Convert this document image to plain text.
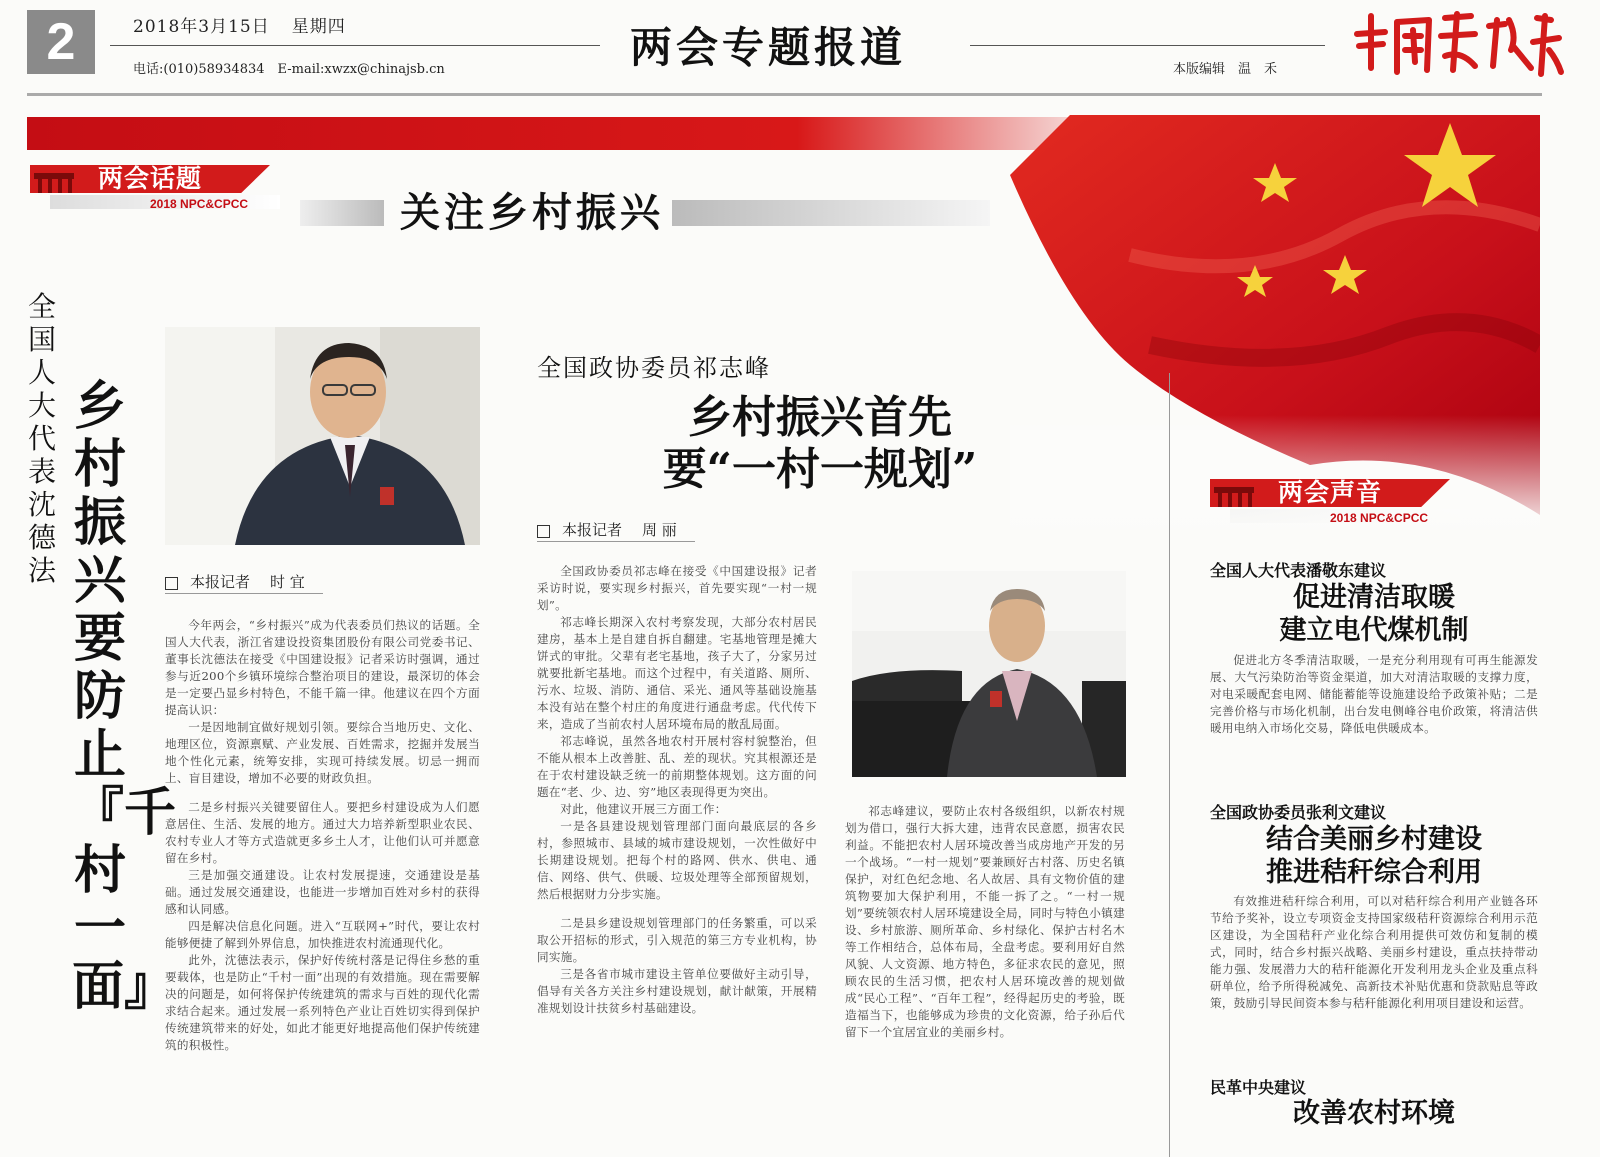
2	2018年3月15日 星期四
电话:(010)58934834　E-mail:xwzx@chinajsb.cn	两会专题报道	本版编辑　温　禾
两会话题
2018 NPC&CPCC	关注乡村振兴
全国人大代表沈德法
乡村振兴要防止『千村一面』
本报记者 时 宜

今年两会，“乡村振兴”成为代表委员们热议的话题。全国人大代表，浙江省建设投资集团股份有限公司党委书记、董事长沈德法在接受《中国建设报》记者采访时强调，通过参与近200个乡镇环境综合整治项目的建设，最深切的体会是一定要凸显乡村特色，不能千篇一律。他建议在四个方面提高认识：

一是因地制宜做好规划引领。要综合当地历史、文化、地理区位，资源禀赋、产业发展、百姓需求，挖掘并发展当地个性化元素，统筹安排，实现可持续发展。切忌一拥而上、盲目建设，增加不必要的财政负担。

二是乡村振兴关键要留住人。要把乡村建设成为人们愿意居住、生活、发展的地方。通过大力培养新型职业农民、农村专业人才等方式造就更多乡土人才，让他们认可并愿意留在乡村。

三是加强交通建设。让农村发展提速，交通建设是基础。通过发展交通建设，也能进一步增加百姓对乡村的获得感和认同感。

四是解决信息化问题。进入“互联网+”时代，要让农村能够便捷了解到外界信息，加快推进农村流通现代化。

此外，沈德法表示，保护好传统村落是记得住乡愁的重要载体，也是防止“千村一面”出现的有效措施。现在需要解决的问题是，如何将保护传统建筑的需求与百姓的现代化需求结合起来。通过发展一系列特色产业让百姓切实得到保护传统建筑带来的好处，如此才能更好地提高他们保护传统建筑的积极性。

全国政协委员祁志峰
乡村振兴首先
要“一村一规划”
本报记者 周 丽

全国政协委员祁志峰在接受《中国建设报》记者采访时说，要实现乡村振兴，首先要实现“一村一规划”。

祁志峰长期深入农村考察发现，大部分农村居民建房，基本上是自建自拆自翻建。宅基地管理是摊大饼式的审批。父辈有老宅基地，孩子大了，分家另过就要批新宅基地。而这个过程中，有关道路、厕所、污水、垃圾、消防、通信、采光、通风等基础设施基本没有站在整个村庄的角度进行通盘考虑。代代传下来，造成了当前农村人居环境布局的散乱局面。

祁志峰说，虽然各地农村开展村容村貌整治，但不能从根本上改善脏、乱、差的现状。究其根源还是在于农村建设缺乏统一的前期整体规划。这方面的问题在“老、少、边、穷”地区表现得更为突出。

对此，他建议开展三方面工作：

一是各县建设规划管理部门面向最底层的各乡村，参照城市、县域的城市建设规划，一次性做好中长期建设规划。把每个村的路网、供水、供电、通信、网络、供气、供暖、垃圾处理等全部预留规划，然后根据财力分步实施。

二是县乡建设规划管理部门的任务繁重，可以采取公开招标的形式，引入规范的第三方专业机构，协同实施。

三是各省市城市建设主管单位要做好主动引导，倡导有关各方关注乡村建设规划，献计献策，开展精准规划设计扶贫乡村基础建设。

祁志峰建议，要防止农村各级组织，以新农村规划为借口，强行大拆大建，违背农民意愿，损害农民利益。不能把农村人居环境改善当成房地产开发的另一个战场。“一村一规划”要兼顾好古村落、历史名镇保护，对红色纪念地、名人故居、具有文物价值的建筑物要加大保护利用，不能一拆了之。“一村一规划”要统领农村人居环境建设全局，同时与特色小镇建设、乡村旅游、厕所革命、乡村绿化、保护古村名木等工作相结合，总体布局，全盘考虑。要利用好自然风貌、人文资源、地方特色，多征求农民的意见，照顾农民的生活习惯，把农村人居环境改善的规划做成“民心工程”、“百年工程”，经得起历史的考验，既造福当下，也能够成为珍贵的文化资源，给子孙后代留下一个宜居宜业的美丽乡村。

两会声音
2018 NPC&CPCC
全国人大代表潘敬东建议
促进清洁取暖
建立电代煤机制

促进北方冬季清洁取暖，一是充分利用现有可再生能源发展、大气污染防治等资金渠道，加大对清洁取暖的支撑力度，对电采暖配套电网、储能蓄能等设施建设给予政策补贴；二是完善价格与市场化机制，出台发电侧峰谷电价政策，将清洁供暖用电纳入市场化交易，降低电供暖成本。

全国政协委员张利文建议
结合美丽乡村建设
推进秸秆综合利用

有效推进秸秆综合利用，可以对秸秆综合利用产业链各环节给予奖补，设立专项资金支持国家级秸秆资源综合利用示范区建设，为全国秸秆产业化综合利用提供可效仿和复制的模式，同时，结合乡村振兴战略、美丽乡村建设，重点扶持带动能力强、发展潜力大的秸秆能源化开发利用龙头企业及重点科研单位，给予所得税减免、高新技术补贴优惠和贷款贴息等政策，鼓励引导民间资本参与秸秆能源化利用项目建设和运营。

民革中央建议
改善农村环境
